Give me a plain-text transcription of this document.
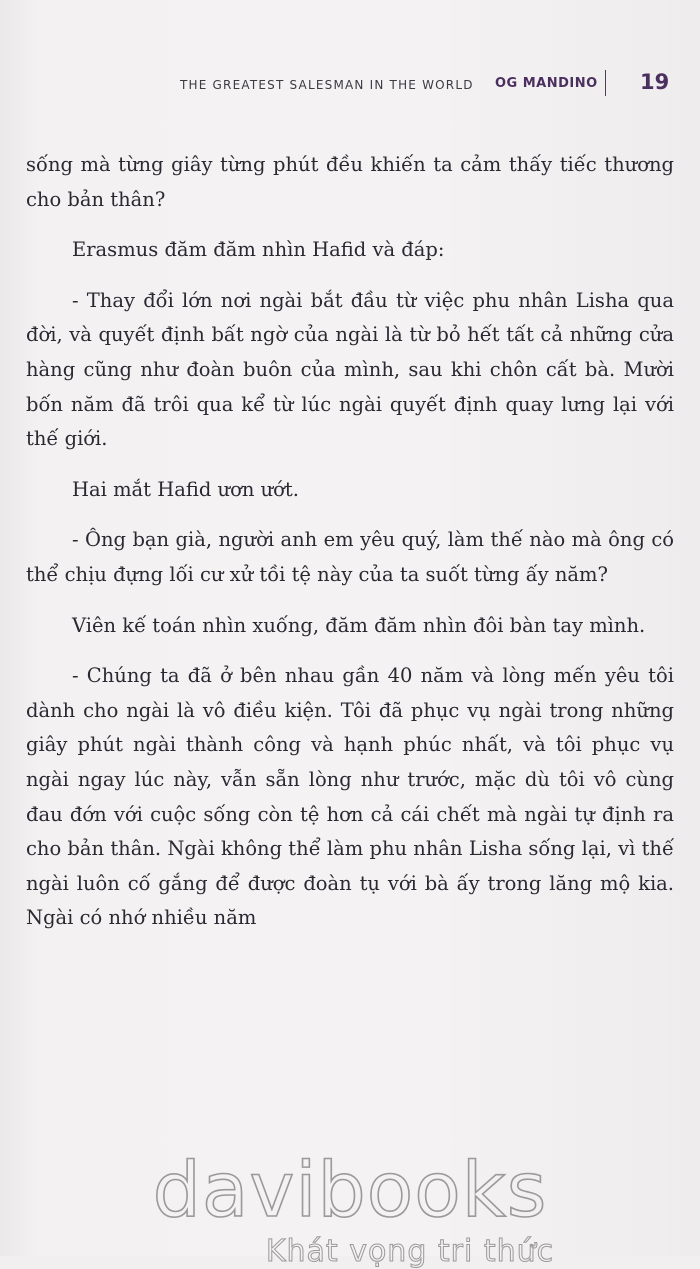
THE GREATEST SALESMAN IN THE WORLD OG MANDINO 19

sống mà từng giây từng phút đều khiến ta cảm thấy tiếc thương cho bản thân?

Erasmus đăm đăm nhìn Hafid và đáp:

- Thay đổi lớn nơi ngài bắt đầu từ việc phu nhân Lisha qua đời, và quyết định bất ngờ của ngài là từ bỏ hết tất cả những cửa hàng cũng như đoàn buôn của mình, sau khi chôn cất bà. Mười bốn năm đã trôi qua kể từ lúc ngài quyết định quay lưng lại với thế giới.

Hai mắt Hafid ươn ướt.

- Ông bạn già, người anh em yêu quý, làm thế nào mà ông có thể chịu đựng lối cư xử tồi tệ này của ta suốt từng ấy năm?

Viên kế toán nhìn xuống, đăm đăm nhìn đôi bàn tay mình.

- Chúng ta đã ở bên nhau gần 40 năm và lòng mến yêu tôi dành cho ngài là vô điều kiện. Tôi đã phục vụ ngài trong những giây phút ngài thành công và hạnh phúc nhất, và tôi phục vụ ngài ngay lúc này, vẫn sẵn lòng như trước, mặc dù tôi vô cùng đau đớn với cuộc sống còn tệ hơn cả cái chết mà ngài tự định ra cho bản thân. Ngài không thể làm phu nhân Lisha sống lại, vì thế ngài luôn cố gắng để được đoàn tụ với bà ấy trong lăng mộ kia. Ngài có nhớ nhiều năm

davibooks
Khát vọng tri thức
